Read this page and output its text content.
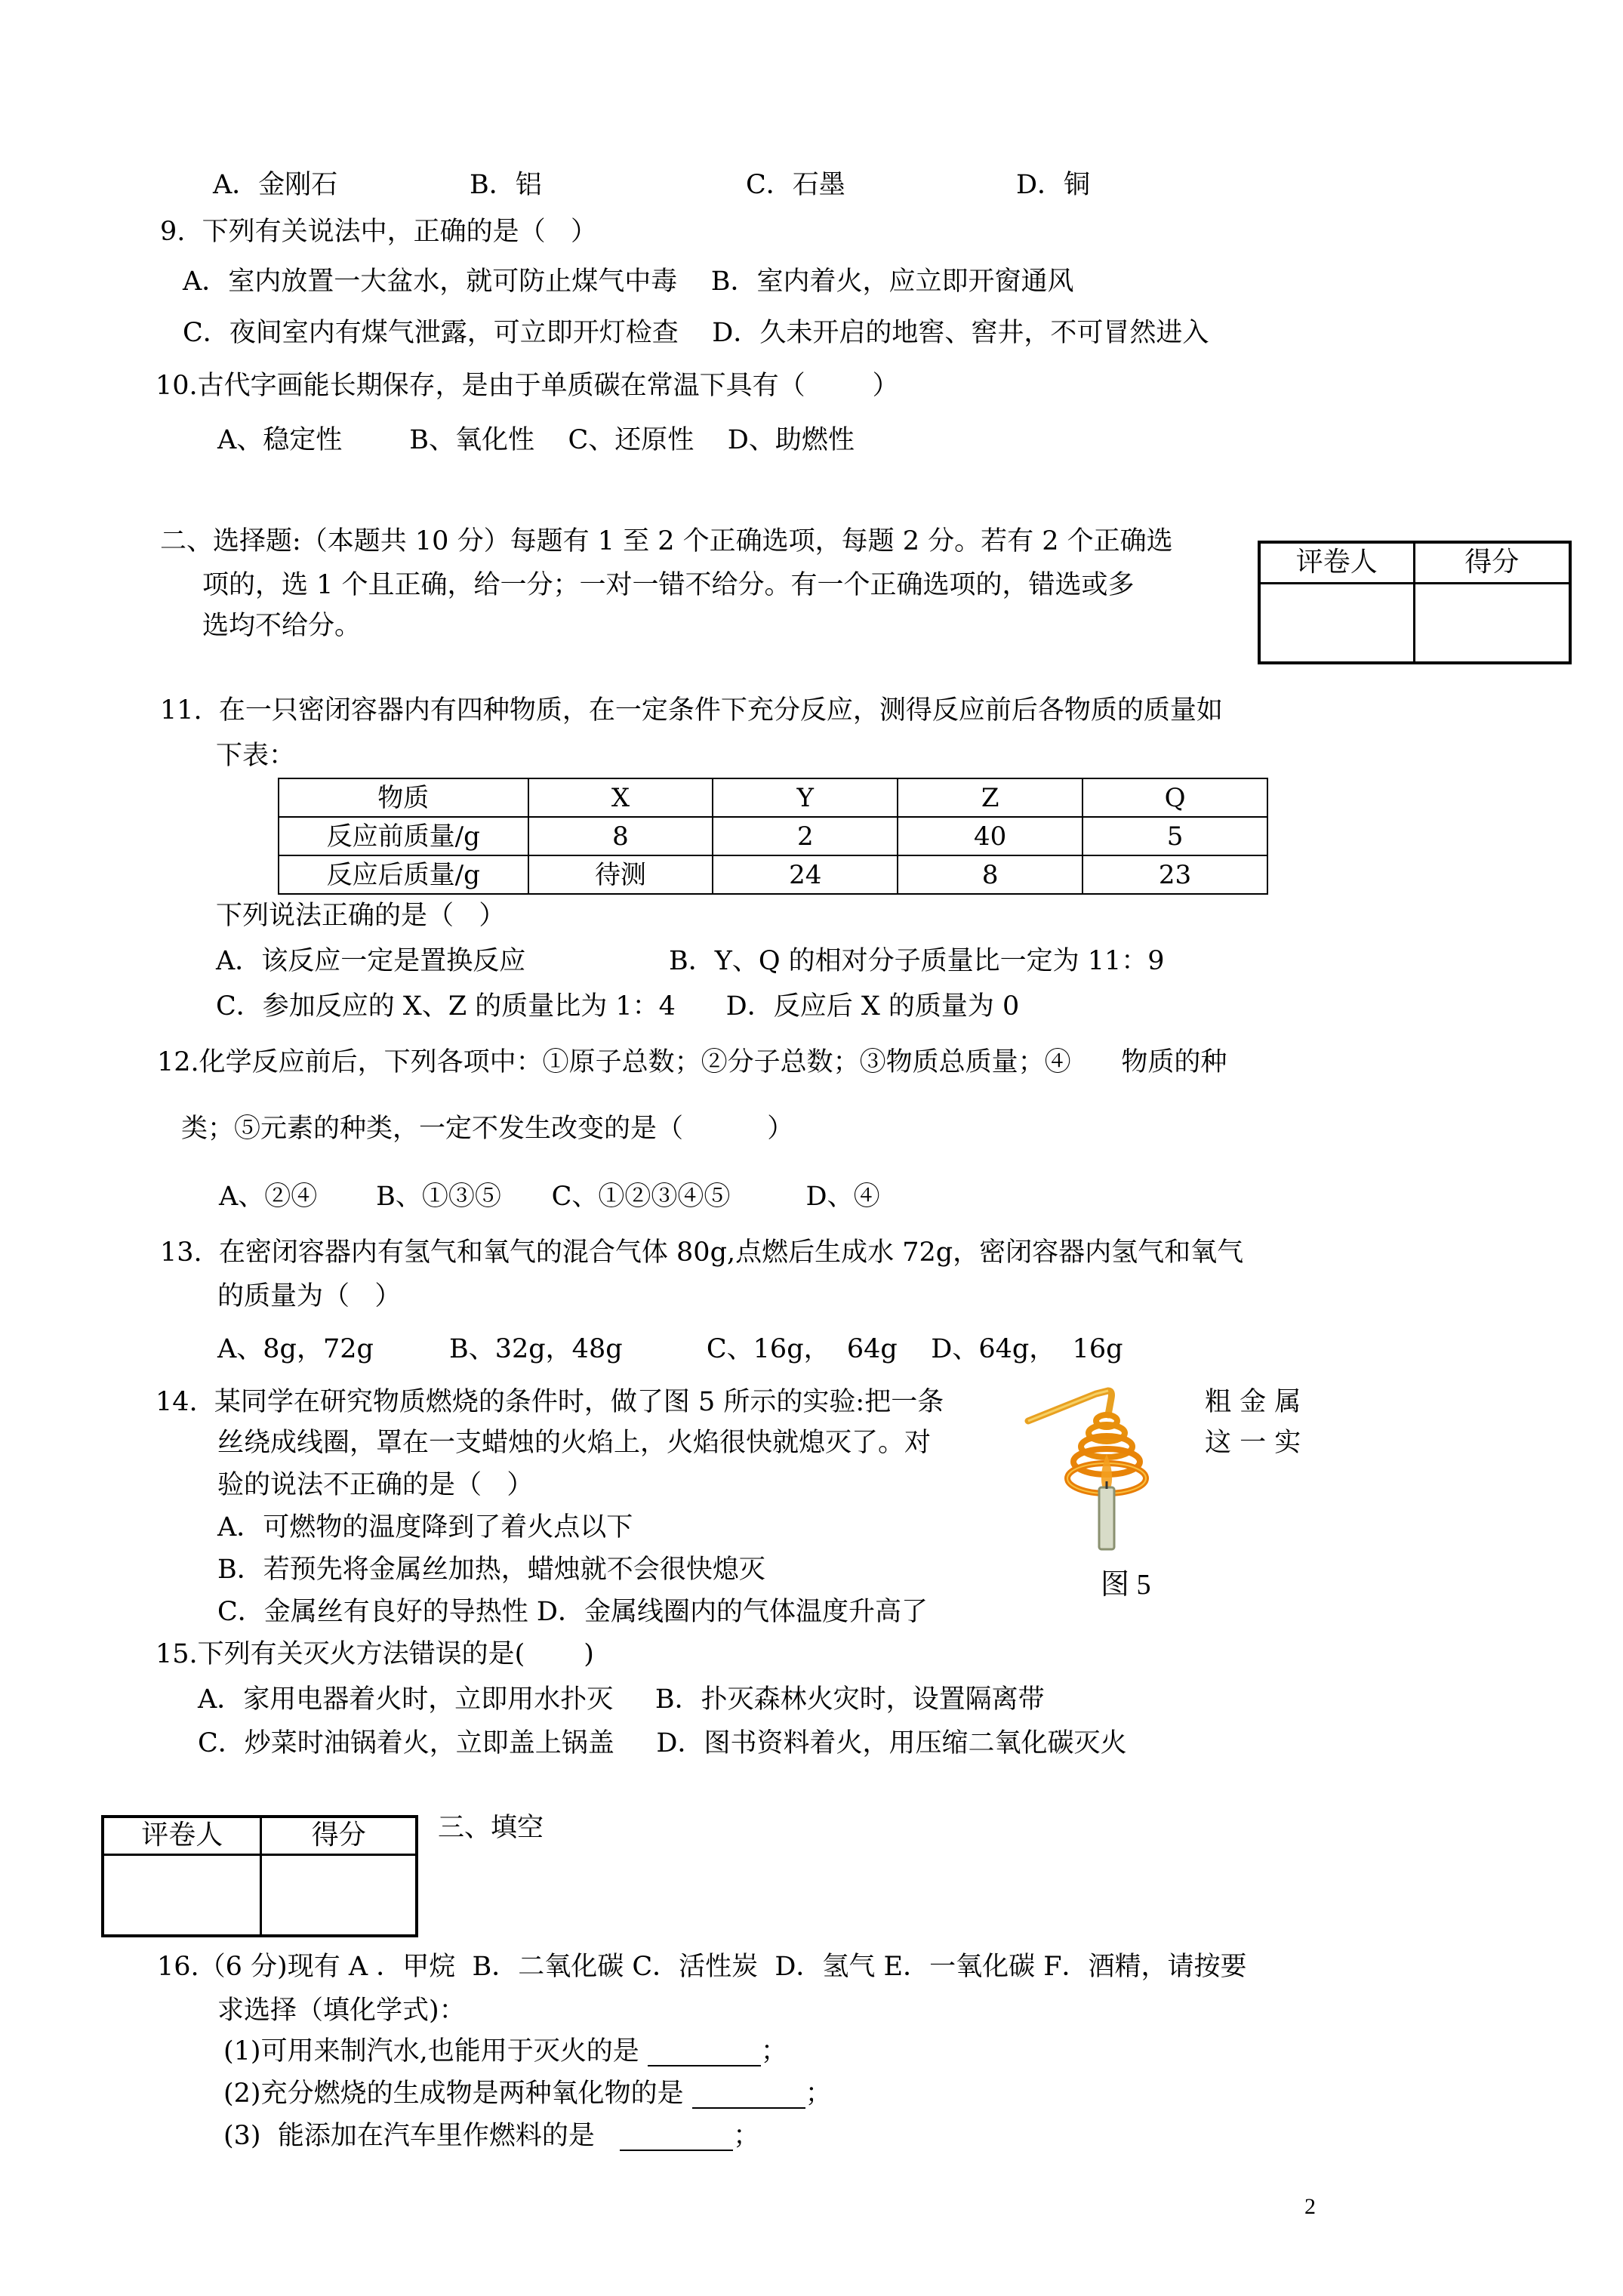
A．金刚石	B．铝	C．石墨	D．铜
9.  下列有关说法中，正确的是（   ）
A．室内放置一大盆水，就可防止煤气中毒    B．室内着火，应立即开窗通风
C．夜间室内有煤气泄露，可立即开灯检查    D．久未开启的地窖、窖井，不可冒然进入
10.古代字画能长期保存，是由于单质碳在常温下具有（        ）
A、稳定性        B、氧化性    C、还原性    D、助燃性
二、选择题:（本题共 10 分）每题有 1 至 2 个正确选项，每题 2 分。若有 2 个正确选
项的，选 1 个且正确，给一分；一对一错不给分。有一个正确选项的，错选或多
选均不给分。
评卷人	得分

11.  在一只密闭容器内有四种物质，在一定条件下充分反应，测得反应前后各物质的质量如
下表：
物质	X	Y	Z	Q
反应前质量/g	8	2	40	5
反应后质量/g	待测	24	8	23
下列说法正确的是（   ）
A．该反应一定是置换反应	B．Y、Q 的相对分子质量比一定为 11：9
C．参加反应的 X、Z 的质量比为 1：4      D．反应后 X 的质量为 0
12.化学反应前后，下列各项中：①原子总数；②分子总数；③物质总质量；④      物质的种
类；⑤元素的种类，一定不发生改变的是（          ）
A、②④       B、①③⑤      C、①②③④⑤         D、④
13.  在密闭容器内有氢气和氧气的混合气体 80g,点燃后生成水 72g，密闭容器内氢气和氧气
的质量为（   ）
A、8g，72g         B、32g，48g          C、16g，  64g    D、64g，  16g
14.  某同学在研究物质燃烧的条件时，做了图 5 所示的实验:把一条	粗 金 属
丝绕成线圈，罩在一支蜡烛的火焰上，火焰很快就熄灭了。对	这 一 实
验的说法不正确的是（   ）
A．可燃物的温度降到了着火点以下
B．若预先将金属丝加热，蜡烛就不会很快熄灭
C．金属丝有良好的导热性 D．金属线圈内的气体温度升高了
图 5
15.下列有关灭火方法错误的是(       )
A．家用电器着火时，立即用水扑灭     B．扑灭森林火灾时，设置隔离带
C．炒菜时油锅着火，立即盖上锅盖     D．图书资料着火，用压缩二氧化碳灭火
评卷人	得分
		三、填空
16.（6 分)现有 A ．甲烷  B．二氧化碳 C．活性炭  D．氢气 E．一氧化碳 F．酒精，请按要
求选择（填化学式)：
(1)可用来制汽水,也能用于灭火的是	；
(2)充分燃烧的生成物是两种氧化物的是	；
(3)  能添加在汽车里作燃料的是	；
2
